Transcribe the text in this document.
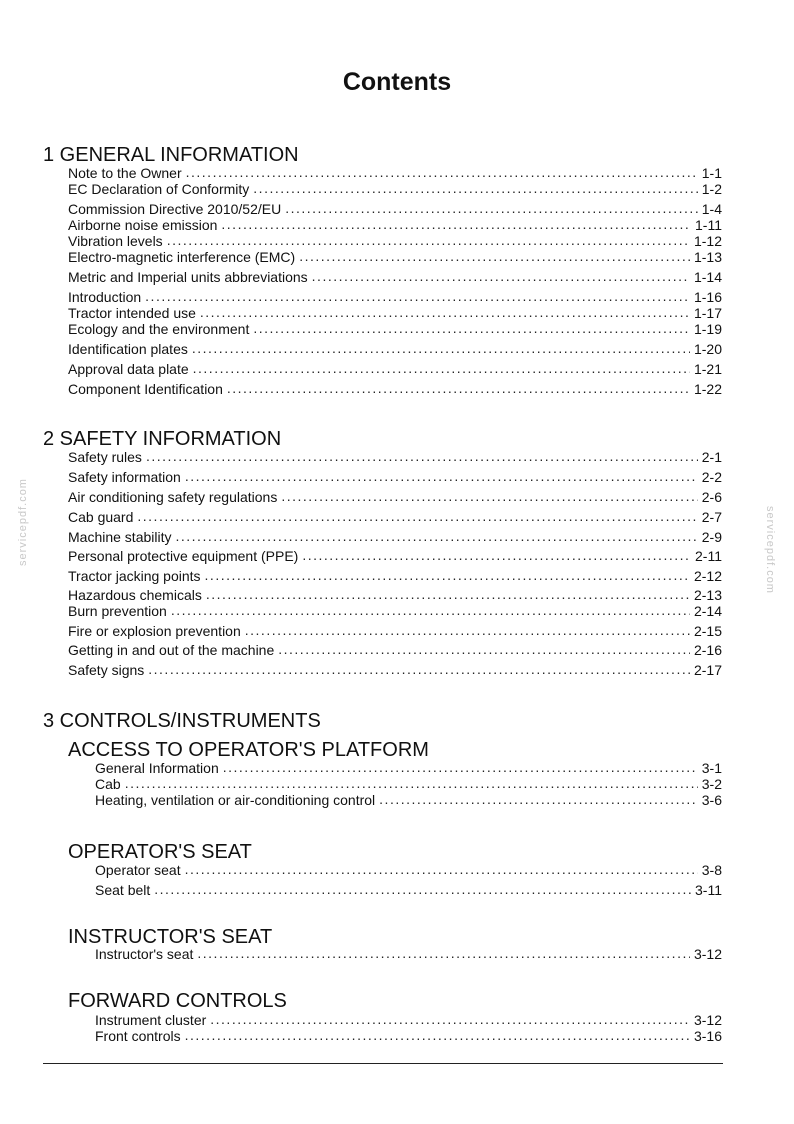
Contents
1 GENERAL INFORMATION
Note to the Owner .....	1-1
EC Declaration of Conformity .....	1-2
Commission Directive 2010/52/EU .....	1-4
Airborne noise emission .....	1-11
Vibration levels .....	1-12
Electro-magnetic interference (EMC) .....	1-13
Metric and Imperial units abbreviations .....	1-14
Introduction .....	1-16
Tractor intended use .....	1-17
Ecology and the environment .....	1-19
Identification plates .....	1-20
Approval data plate .....	1-21
Component Identification .....	1-22
2 SAFETY INFORMATION
Safety rules .....	2-1
Safety information .....	2-2
Air conditioning safety regulations .....	2-6
Cab guard .....	2-7
Machine stability .....	2-9
Personal protective equipment (PPE) .....	2-11
Tractor jacking points .....	2-12
Hazardous chemicals .....	2-13
Burn prevention .....	2-14
Fire or explosion prevention .....	2-15
Getting in and out of the machine .....	2-16
Safety signs .....	2-17
3 CONTROLS/INSTRUMENTS
ACCESS TO OPERATOR'S PLATFORM
General Information .....	3-1
Cab .....	3-2
Heating, ventilation or air-conditioning control .....	3-6
OPERATOR'S SEAT
Operator seat .....	3-8
Seat belt .....	3-11
INSTRUCTOR'S SEAT
Instructor's seat .....	3-12
FORWARD CONTROLS
Instrument cluster .....	3-12
Front controls .....	3-16
servicepdf.com	servicepdf.com
